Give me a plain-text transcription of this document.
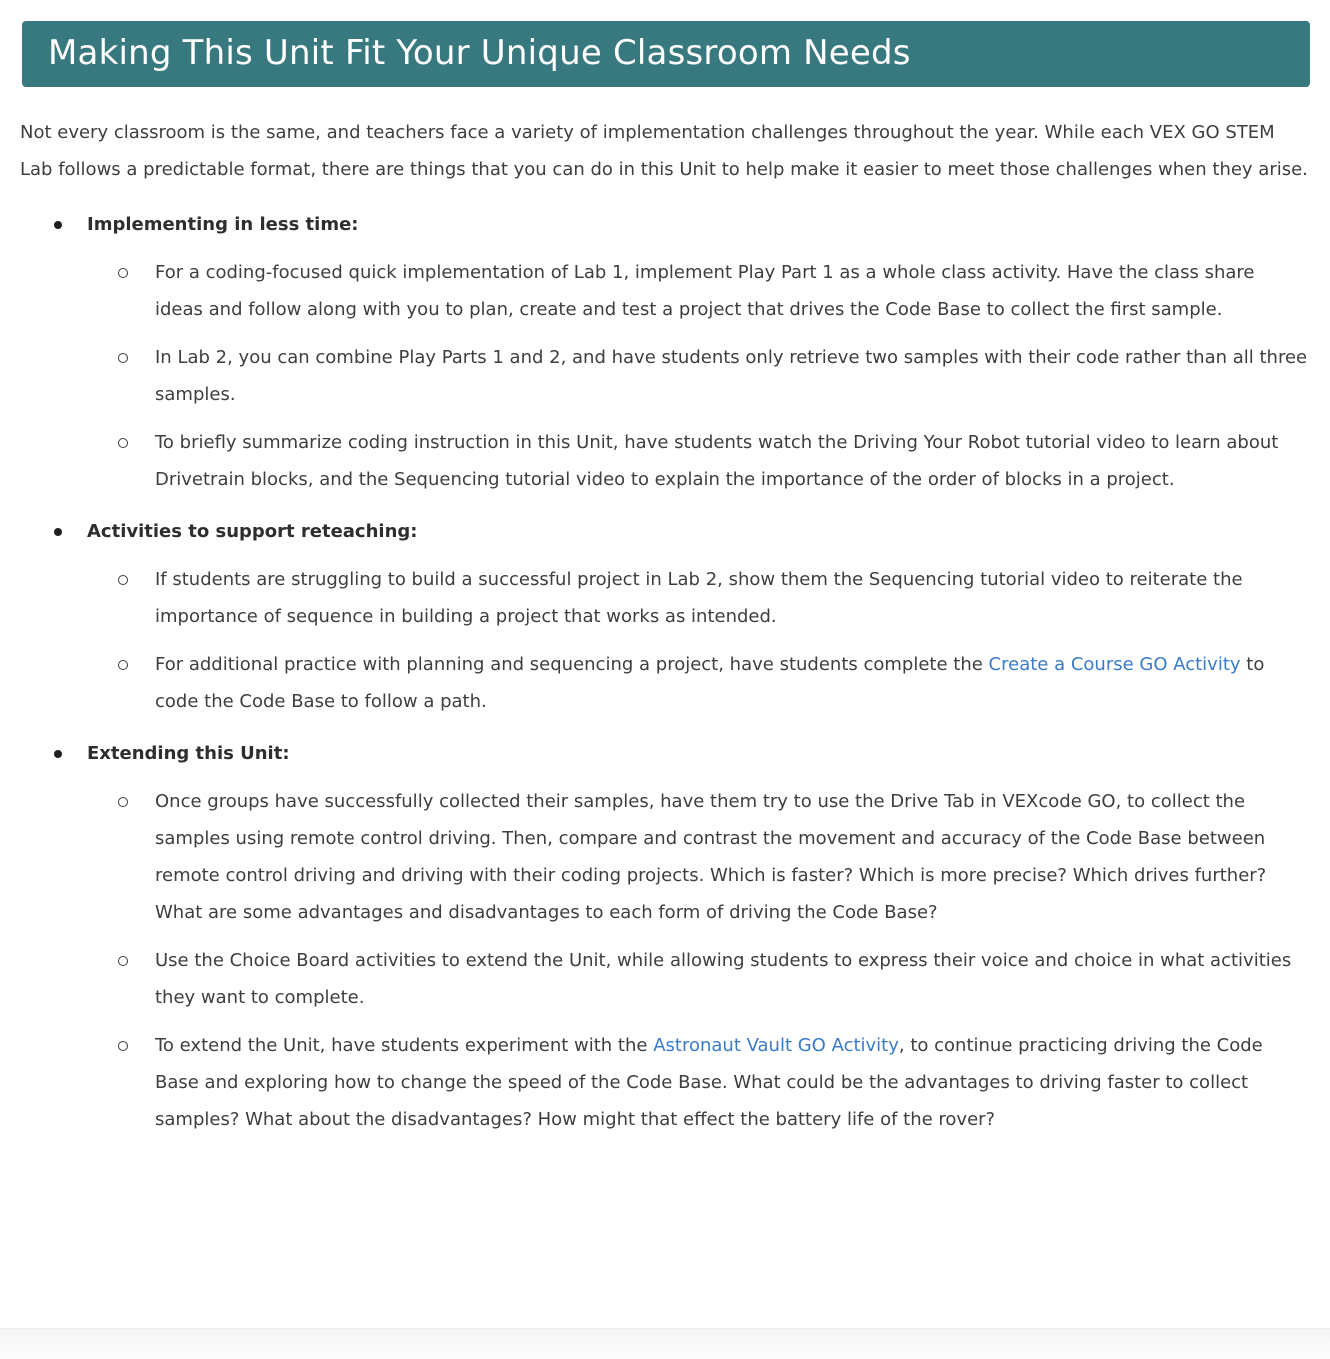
Making This Unit Fit Your Unique Classroom Needs

Not every classroom is the same, and teachers face a variety of implementation challenges throughout the year. While each VEX GO STEM Lab follows a predictable format, there are things that you can do in this Unit to help make it easier to meet those challenges when they arise.

Implementing in less time:
For a coding-focused quick implementation of Lab 1, implement Play Part 1 as a whole class activity. Have the class share ideas and follow along with you to plan, create and test a project that drives the Code Base to collect the first sample.
In Lab 2, you can combine Play Parts 1 and 2, and have students only retrieve two samples with their code rather than all three samples.
To briefly summarize coding instruction in this Unit, have students watch the Driving Your Robot tutorial video to learn about Drivetrain blocks, and the Sequencing tutorial video to explain the importance of the order of blocks in a project.
Activities to support reteaching:
If students are struggling to build a successful project in Lab 2, show them the Sequencing tutorial video to reiterate the importance of sequence in building a project that works as intended.
For additional practice with planning and sequencing a project, have students complete the Create a Course GO Activity to code the Code Base to follow a path.
Extending this Unit:
Once groups have successfully collected their samples, have them try to use the Drive Tab in VEXcode GO, to collect the samples using remote control driving. Then, compare and contrast the movement and accuracy of the Code Base between remote control driving and driving with their coding projects. Which is faster? Which is more precise? Which drives further? What are some advantages and disadvantages to each form of driving the Code Base?
Use the Choice Board activities to extend the Unit, while allowing students to express their voice and choice in what activities they want to complete.
To extend the Unit, have students experiment with the Astronaut Vault GO Activity, to continue practicing driving the Code Base and exploring how to change the speed of the Code Base. What could be the advantages to driving faster to collect samples? What about the disadvantages? How might that effect the battery life of the rover?
